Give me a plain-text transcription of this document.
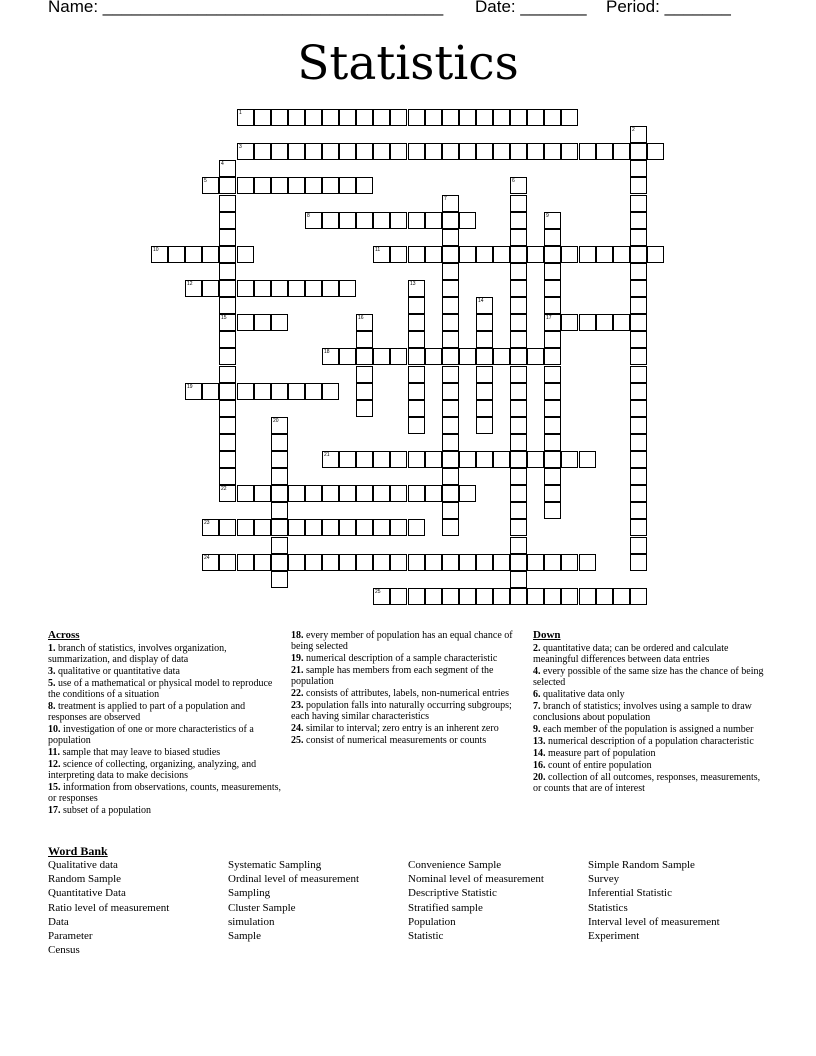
Name: ____________________________________ Date: _______ Period: _______
Statistics
1
3
5
8
10	11
12
15	17
18
19
21
22
23
24
25
2
4
6
7
9
13
14
16
20
Across
1. branch of statistics, involves organization, summarization, and display of data
3. qualitative or quantitative data
5. use of a mathematical or physical model to reproduce the conditions of a situation
8. treatment is applied to part of a population and responses are observed
10. investigation of one or more characteristics of a population
11. sample that may leave to biased studies
12. science of collecting, organizing, analyzing, and interpreting data to make decisions
15. information from observations, counts, measurements, or responses
17. subset of a population
18. every member of population has an equal chance of being selected
19. numerical description of a sample characteristic
21. sample has members from each segment of the population
22. consists of attributes, labels, non-numerical entries
23. population falls into naturally occurring subgroups; each having similar characteristics
24. similar to interval; zero entry is an inherent zero
25. consist of numerical measurements or counts
Down
2. quantitative data; can be ordered and calculate meaningful differences between data entries
4. every possible of the same size has the chance of being selected
6. qualitative data only
7. branch of statistics; involves using a sample to draw conclusions about population
9. each member of the population is assigned a number
13. numerical description of a population characteristic
14. measure part of population
16. count of entire population
20. collection of all outcomes, responses, measurements, or counts that are of interest
Word Bank
Qualitative data
Random Sample
Quantitative Data
Ratio level of measurement
Data
Parameter
Census
Systematic Sampling
Ordinal level of measurement
Sampling
Cluster Sample
simulation
Sample
Convenience Sample
Nominal level of measurement
Descriptive Statistic
Stratified sample
Population
Statistic
Simple Random Sample
Survey
Inferential Statistic
Statistics
Interval level of measurement
Experiment
